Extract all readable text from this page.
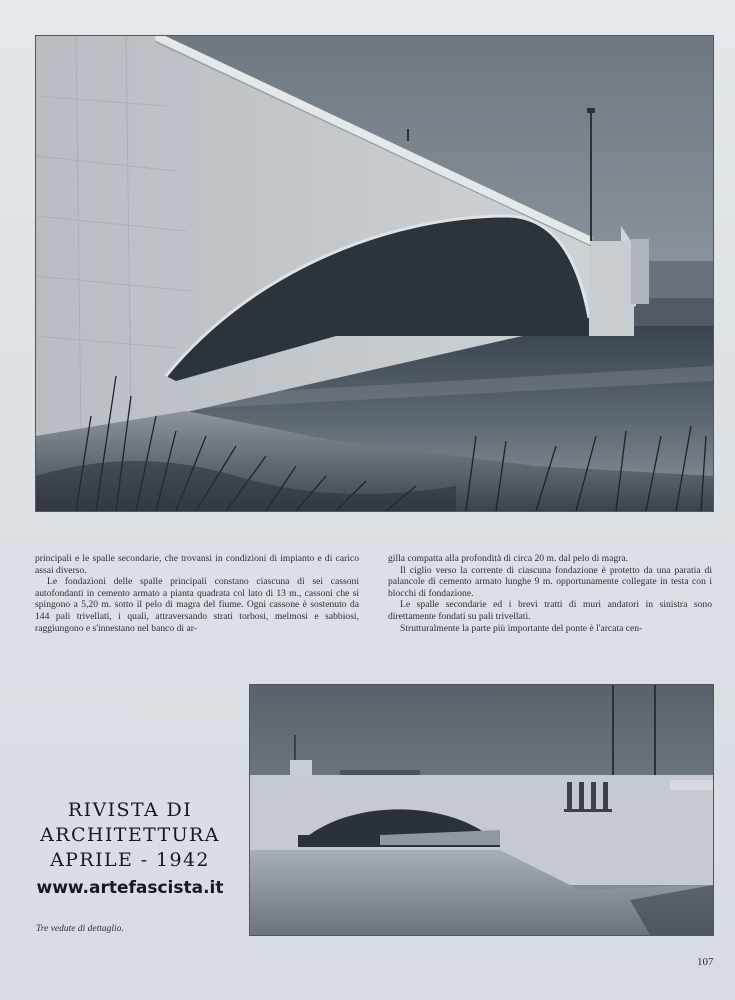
principali e le spalle secondarie, che trovansi in condizioni di impianto e di carico assai diverso.

Le fondazioni delle spalle principali constano ciascuna di sei cassoni autofondanti in cemento armato a pianta quadrata col lato di 13 m., cassoni che si spingono a 5,20 m. sotto il pelo di magra del fiume. Ogni cassone è sostenuto da 144 pali trivellati, i quali, attraversando strati torbosi, melmosi e sabbiosi, raggiungono e s'innestano nel banco di ar-

gilla compatta alla profondità di circa 20 m. dal pelo di magra.

Il ciglio verso la corrente di ciascuna fondazione è protetto da una paratia di palancole di cemento armato lunghe 9 m. opportunamente collegate in testa con i blocchi di fondazione.

Le spalle secondarie ed i brevi tratti di muri andatori in sinistra sono direttamente fondati su pali trivellati.

Strutturalmente la parte più importante del ponte è l'arcata cen-

RIVISTA DI ARCHITETTURA
APRILE - 1942
www.artefascista.it
Tre vedute di dettaglio.
107
